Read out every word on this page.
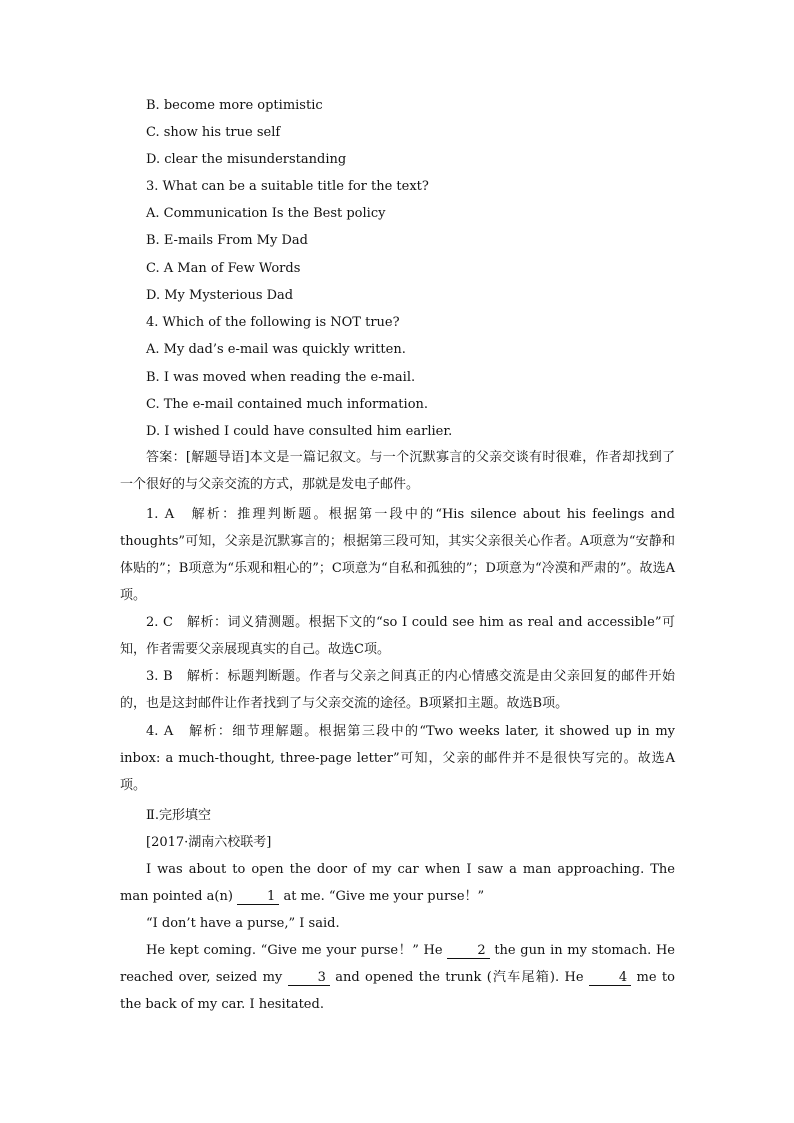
B. become more optimistic
C. show his true self
D. clear the misunderstanding
3. What can be a suitable title for the text?
A. Communication Is the Best policy
B. E-mails From My Dad
C. A Man of Few Words
D. My Mysterious Dad
4. Which of the following is NOT true?
A. My dad’s e-mail was quickly written.
B. I was moved when reading the e-mail.
C. The e-mail contained much information.
D. I wished I could have consulted him earlier.
答案：[解题导语]本文是一篇记叙文。与一个沉默寡言的父亲交谈有时很难，作者却找到了一个很好的与父亲交流的方式，那就是发电子邮件。
1. A　解析：推理判断题。根据第一段中的“His silence about his feelings and thoughts”可知，父亲是沉默寡言的；根据第三段可知，其实父亲很关心作者。A项意为“安静和体贴的”；B项意为“乐观和粗心的”；C项意为“自私和孤独的”；D项意为“冷漠和严肃的”。故选A项。
2. C　解析：词义猜测题。根据下文的“so I could see him as real and accessible”可知，作者需要父亲展现真实的自己。故选C项。
3. B　解析：标题判断题。作者与父亲之间真正的内心情感交流是由父亲回复的邮件开始的，也是这封邮件让作者找到了与父亲交流的途径。B项紧扣主题。故选B项。
4. A　解析：细节理解题。根据第三段中的“Two weeks later, it showed up in my inbox: a much-thought, three-page letter”可知，父亲的邮件并不是很快写完的。故选A项。
Ⅱ.完形填空
[2017·湖南六校联考]
I was about to open the door of my car when I saw a man approaching. The man pointed a(n)	1 at me. “Give me your purse！”
“I don’t have a purse,” I said.
He kept coming. “Give me your purse！” He	2 the gun in my stomach. He reached over, seized my	3 and opened the trunk (汽车尾箱). He	4 me to the back of my car. I hesitated.
